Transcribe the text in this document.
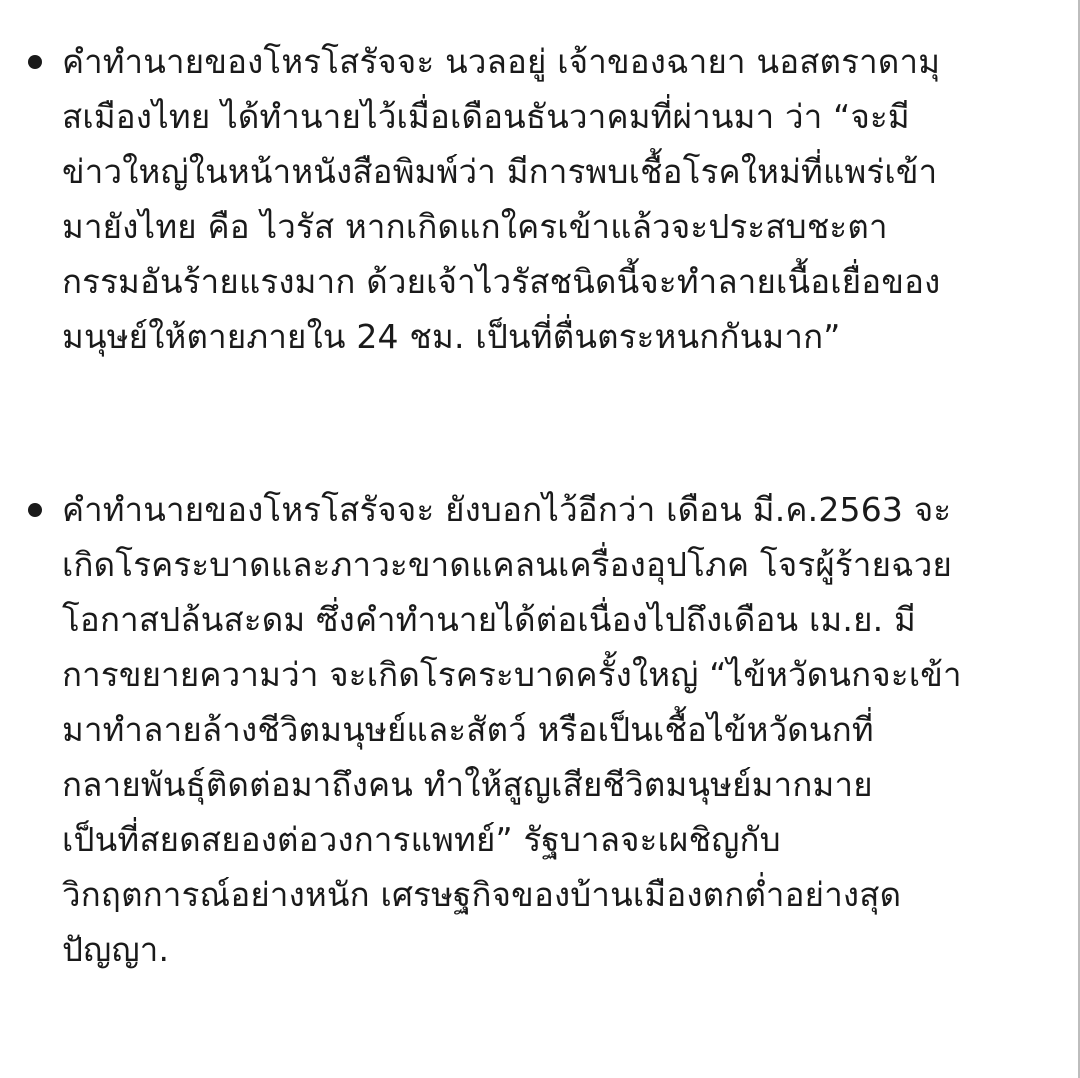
คำทำนายของโหรโสรัจจะ นวลอยู่ เจ้าของฉายา นอสตราดามุ
สเมืองไทย ได้ทำนายไว้เมื่อเดือนธันวาคมที่ผ่านมา ว่า “จะมี
ข่าวใหญ่ในหน้าหนังสือพิมพ์ว่า มีการพบเชื้อโรคใหม่ที่แพร่เข้า
มายังไทย คือ ไวรัส หากเกิดแกใครเข้าแล้วจะประสบชะตา
กรรมอันร้ายแรงมาก ด้วยเจ้าไวรัสชนิดนี้จะทำลายเนื้อเยื่อของ
มนุษย์ให้ตายภายใน 24 ชม. เป็นที่ตื่นตระหนกกันมาก”
คำทำนายของโหรโสรัจจะ ยังบอกไว้อีกว่า เดือน มี.ค.2563 จะ
เกิดโรคระบาดและภาวะขาดแคลนเครื่องอุปโภค โจรผู้ร้ายฉวย
โอกาสปล้นสะดม ซึ่งคำทำนายได้ต่อเนื่องไปถึงเดือน เม.ย. มี
การขยายความว่า จะเกิดโรคระบาดครั้งใหญ่ “ไข้หวัดนกจะเข้า
มาทำลายล้างชีวิตมนุษย์และสัตว์ หรือเป็นเชื้อไข้หวัดนกที่
กลายพันธุ์ติดต่อมาถึงคน ทำให้สูญเสียชีวิตมนุษย์มากมาย
เป็นที่สยดสยองต่อวงการแพทย์” รัฐบาลจะเผชิญกับ
วิกฤตการณ์อย่างหนัก เศรษฐกิจของบ้านเมืองตกต่ำอย่างสุด
ปัญญา.
